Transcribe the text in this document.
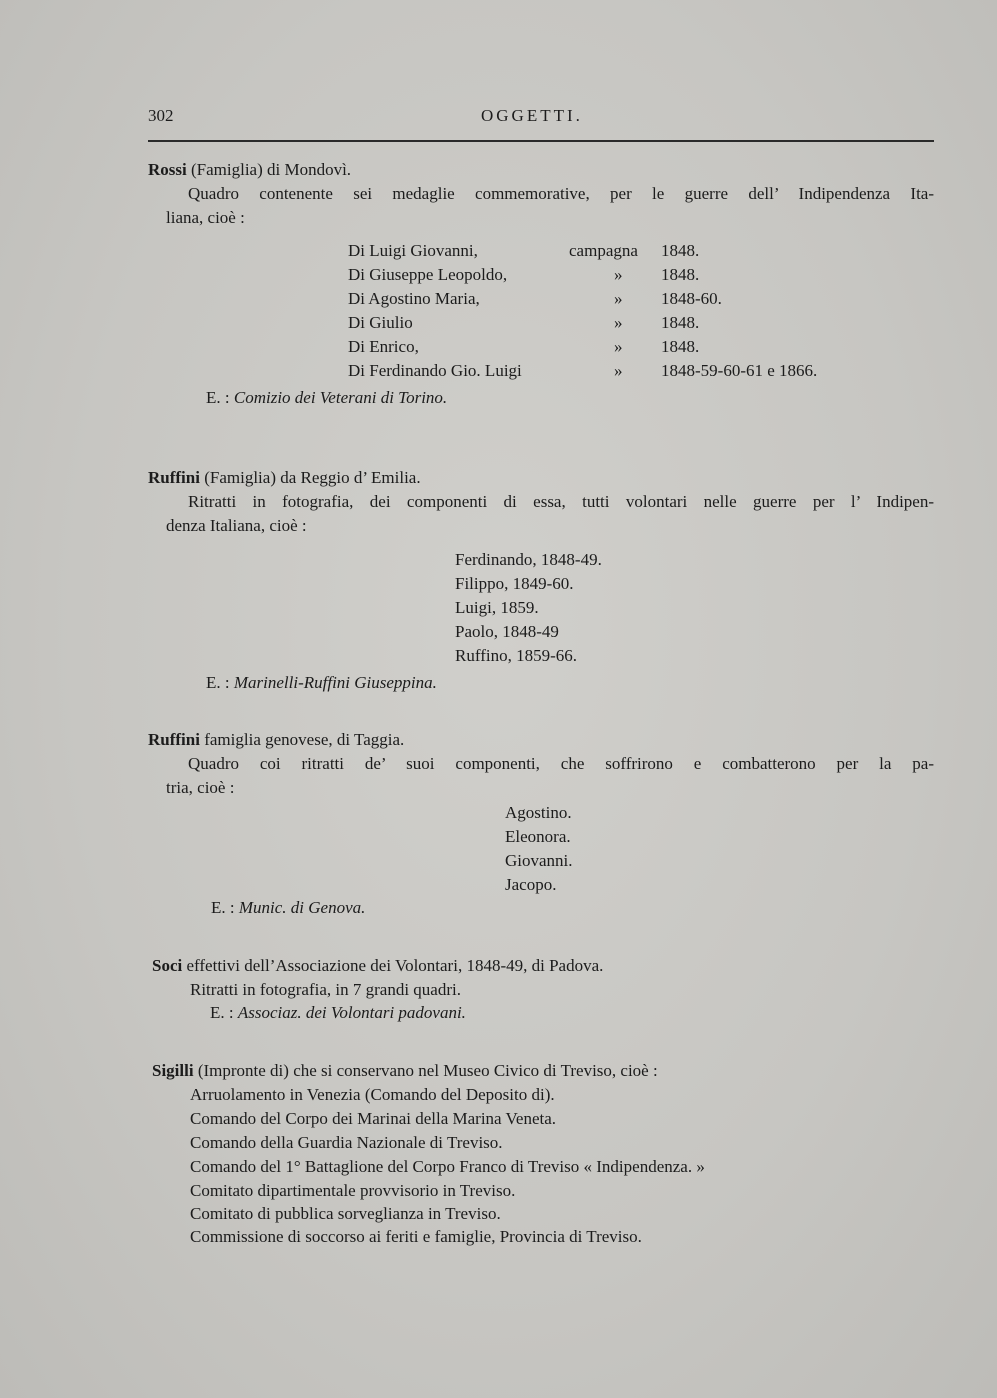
302	OGGETTI.
Rossi (Famiglia) di Mondovì.
Quadro contenente sei medaglie commemorative, per le guerre dell’ Indipendenza Ita-
liana, cioè :
Di Luigi Giovanni,	campagna 1848.
Di Giuseppe Leopoldo,	» 1848.
Di Agostino Maria,	» 1848-60.
Di Giulio	» 1848.
Di Enrico,	» 1848.
Di Ferdinando Gio. Luigi	» 1848-59-60-61 e 1866.
E. : Comizio dei Veterani di Torino.
Ruffini (Famiglia) da Reggio d’ Emilia.
Ritratti in fotografia, dei componenti di essa, tutti volontari nelle guerre per l’ Indipen-
denza Italiana, cioè :
Ferdinando, 1848-49.
Filippo, 1849-60.
Luigi, 1859.
Paolo, 1848-49
Ruffino, 1859-66.
E. : Marinelli-Ruffini Giuseppina.
Ruffini famiglia genovese, di Taggia.
Quadro coi ritratti de’ suoi componenti, che soffrirono e combatterono per la pa-
tria, cioè :
Agostino.
Eleonora.
Giovanni.
Jacopo.
E. : Munic. di Genova.
Soci effettivi dell’Associazione dei Volontari, 1848-49, di Padova.
Ritratti in fotografia, in 7 grandi quadri.
E. : Associaz. dei Volontari padovani.
Sigilli (Impronte di) che si conservano nel Museo Civico di Treviso, cioè :
Arruolamento in Venezia (Comando del Deposito di).
Comando del Corpo dei Marinai della Marina Veneta.
Comando della Guardia Nazionale di Treviso.
Comando del 1° Battaglione del Corpo Franco di Treviso « Indipendenza. »
Comitato dipartimentale provvisorio in Treviso.
Comitato di pubblica sorveglianza in Treviso.
Commissione di soccorso ai feriti e famiglie, Provincia di Treviso.
